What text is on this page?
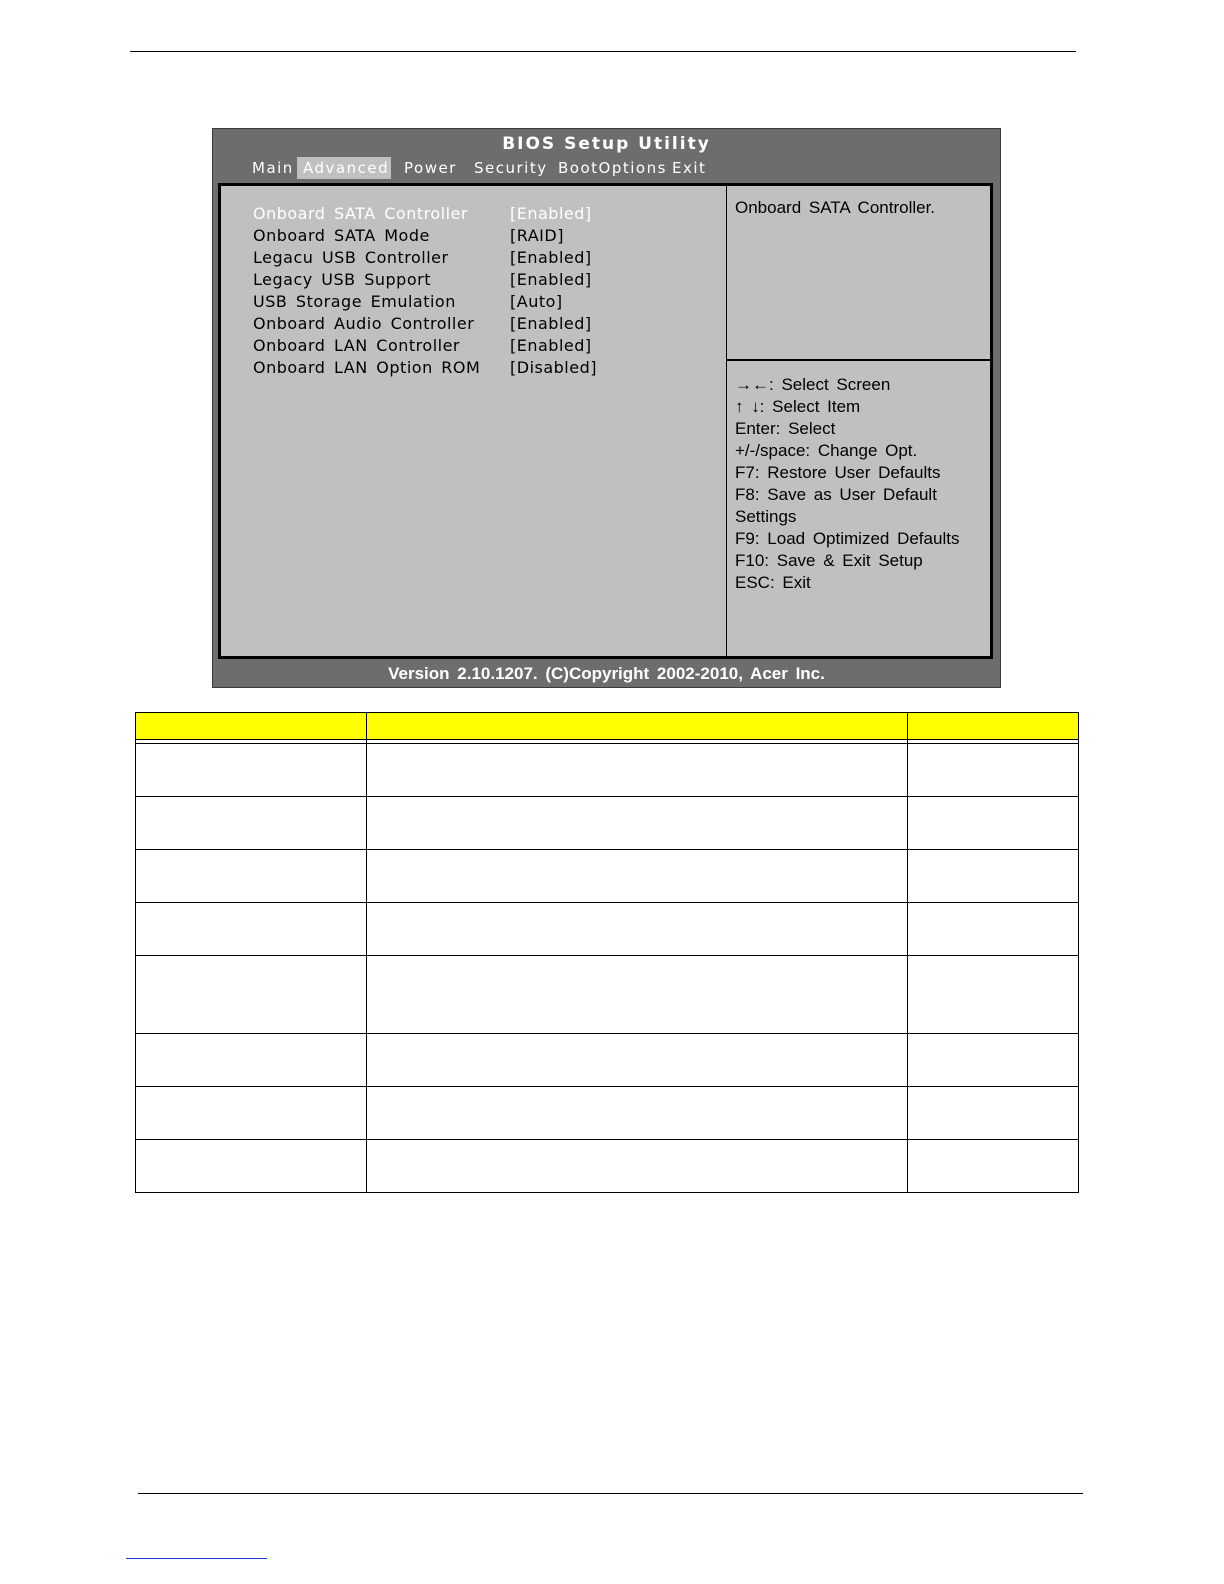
BIOS Setup Utility
Main Advanced Power	Security BootOptions Exit
Onboard SATA Controller	[Enabled]
Onboard SATA Mode	[RAID]
Legacu USB Controller	[Enabled]
Legacy USB Support	[Enabled]
USB Storage Emulation	[Auto]
Onboard Audio Controller [Enabled]
Onboard LAN Controller	[Enabled]
Onboard LAN Option ROM [Disabled]
Onboard SATA Controller.
→←: Select Screen
↑ ↓: Select Item
Enter: Select
+/-/space: Change Opt.
F7: Restore User Defaults
F8: Save as User Default
Settings
F9: Load Optimized Defaults
F10: Save & Exit Setup
ESC: Exit
Version 2.10.1207. (C)Copyright 2002-2010, Acer Inc.
